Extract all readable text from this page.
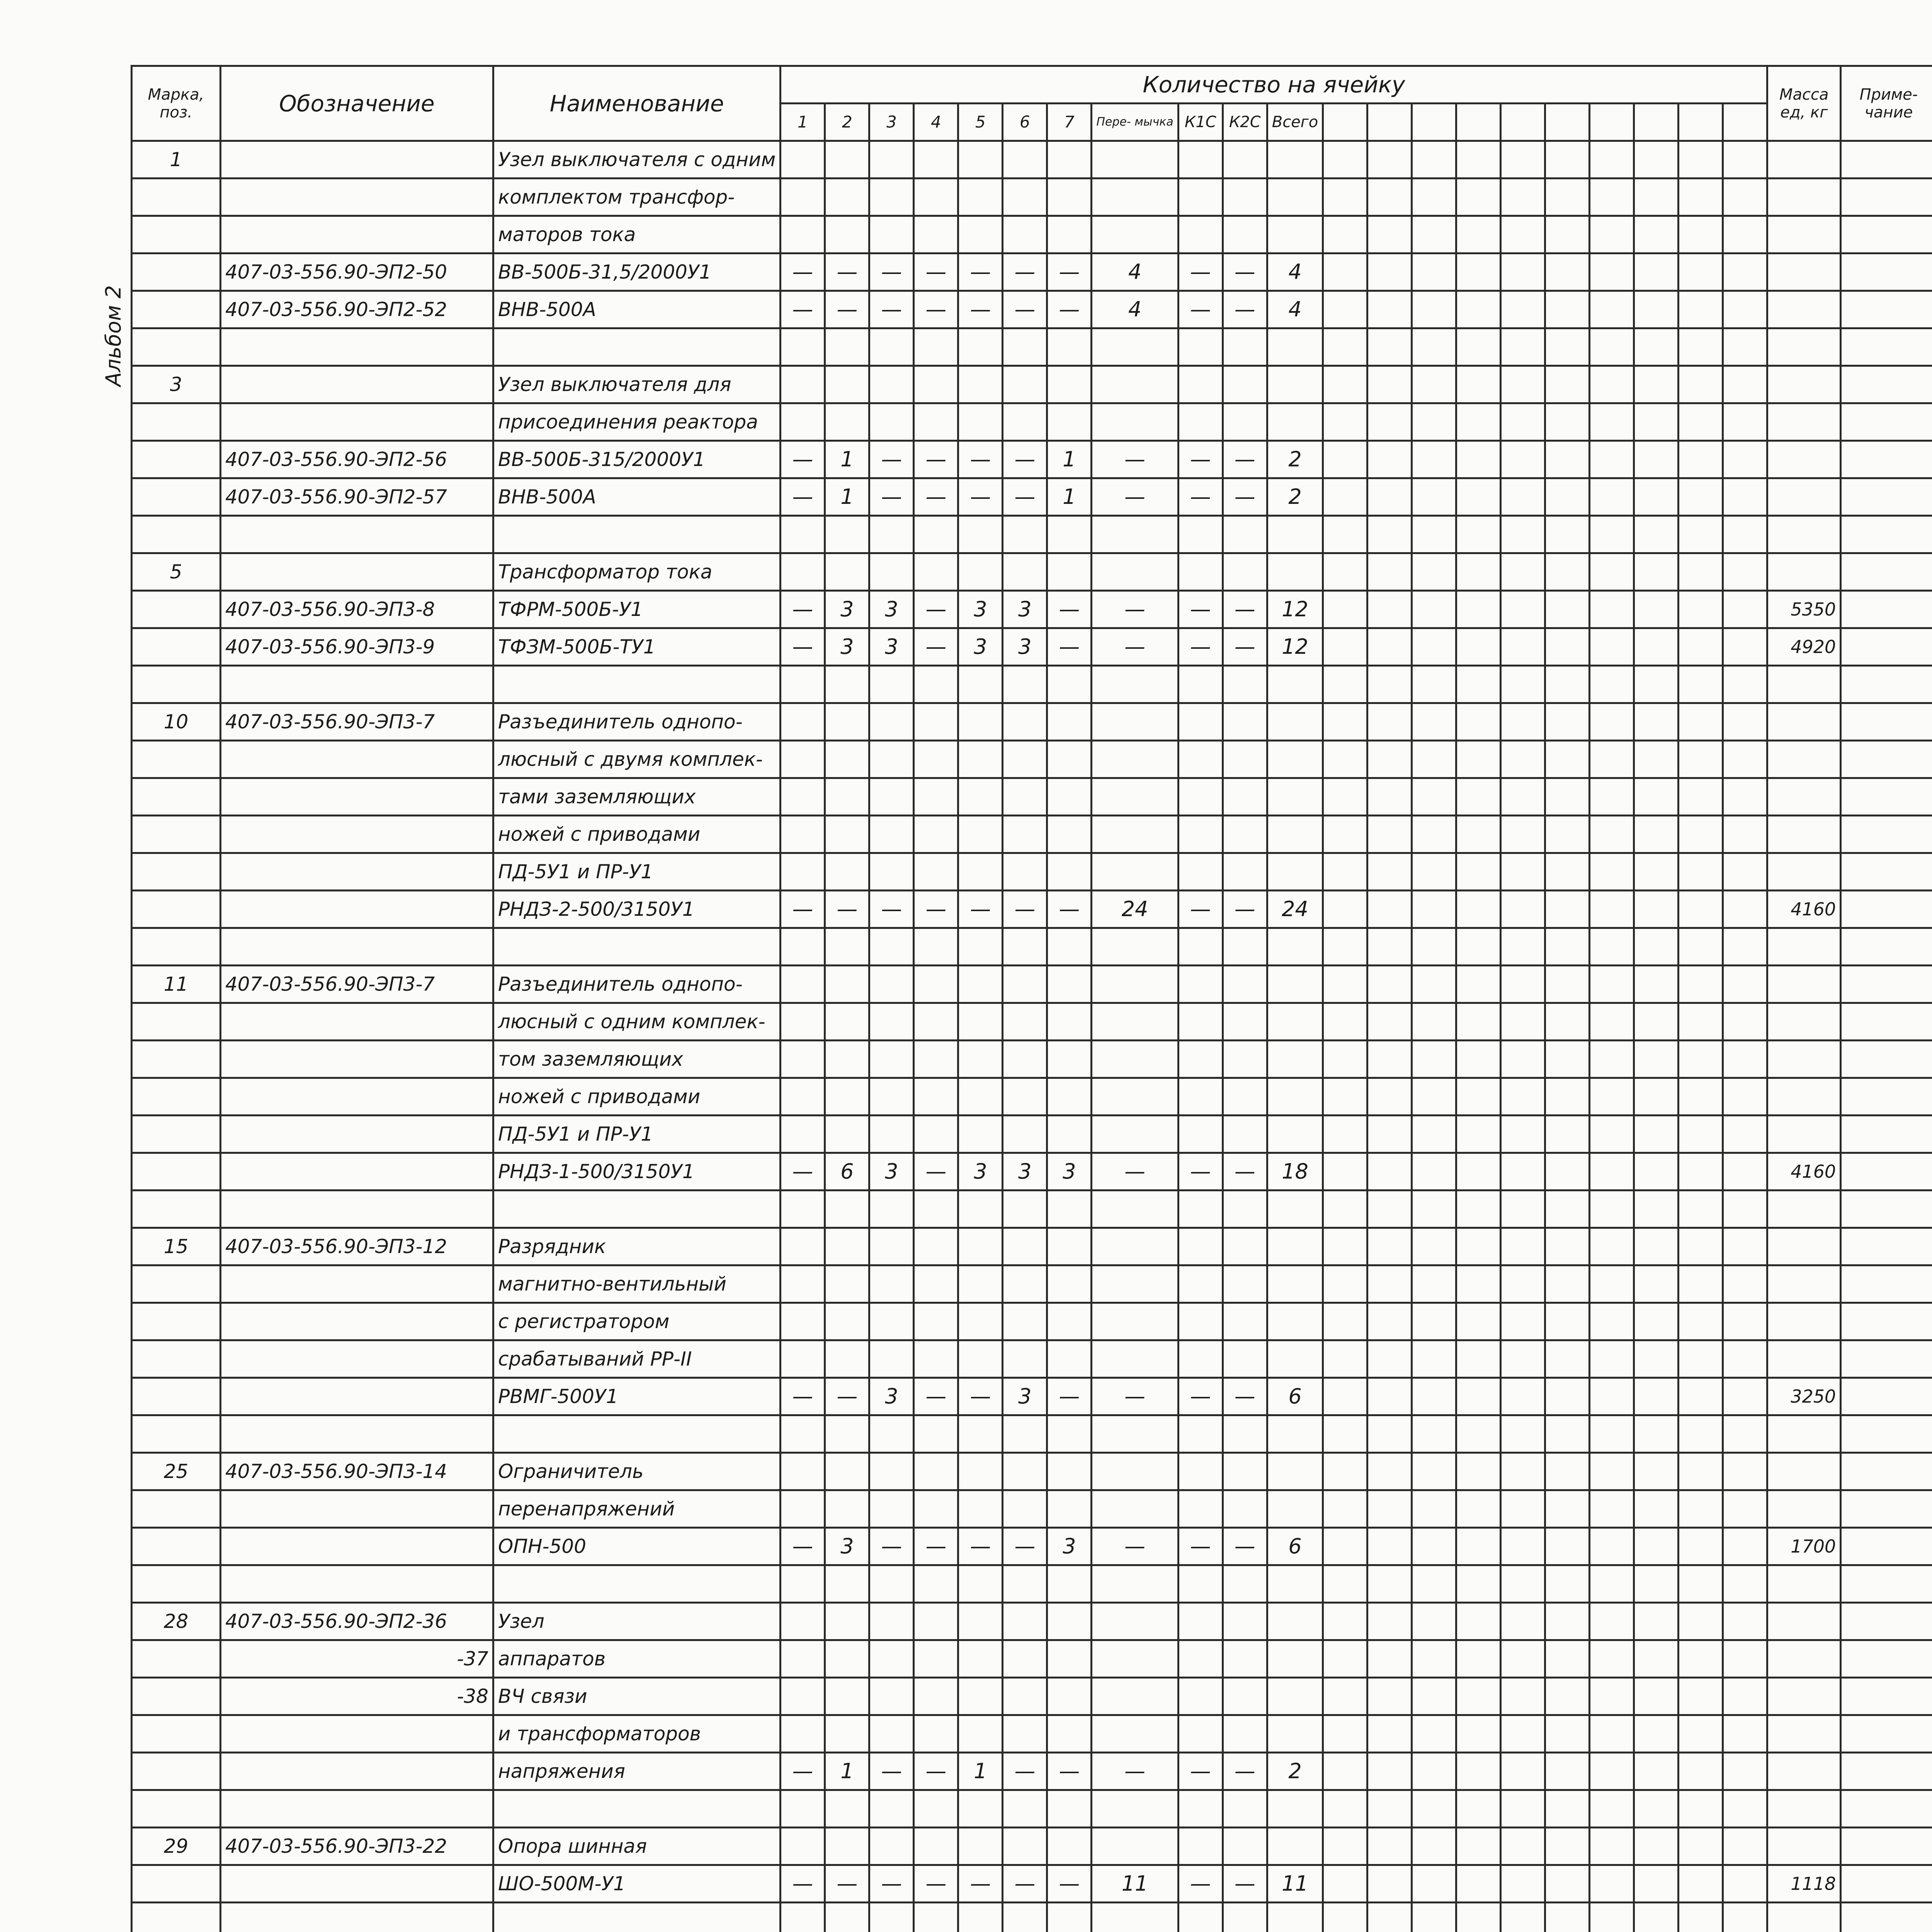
Альбом 2
Марка, поз.	Обозначение	Наименование	Количество на ячейку																					Масса ед, кг	Приме- чание
			1	2	3	4	5	6	7	Пере- мычка	К1С	К2С	Всего												
1		Узел выключателя с одним																							
		комплектом трансфор-																							
		маторов тока																							
	407-03-556.90-ЭП2-50	ВВ-500Б-31,5/2000У1	—	—	—	—	—	—	—	4	—	—	4												
	407-03-556.90-ЭП2-52	ВНВ-500А	—	—	—	—	—	—	—	4	—	—	4												

3		Узел выключателя для																							
		присоединения реактора																							
	407-03-556.90-ЭП2-56	ВВ-500Б-315/2000У1	—	1	—	—	—	—	1	—	—	—	2												
	407-03-556.90-ЭП2-57	ВНВ-500А	—	1	—	—	—	—	1	—	—	—	2												

5		Трансформатор тока																							
	407-03-556.90-ЭП3-8	ТФРМ-500Б-У1	—	3	3	—	3	3	—	—	—	—	12											5350	
	407-03-556.90-ЭП3-9	ТФЗМ-500Б-ТУ1	—	3	3	—	3	3	—	—	—	—	12											4920	

10	407-03-556.90-ЭП3-7	Разъединитель однопо-																							
		люсный с двумя комплек-																							
		тами заземляющих																							
		ножей с приводами																							
		ПД-5У1 и ПР-У1																							
		РНДЗ-2-500/3150У1	—	—	—	—	—	—	—	24	—	—	24											4160	

11	407-03-556.90-ЭП3-7	Разъединитель однопо-																							
		люсный с одним комплек-																							
		том заземляющих																							
		ножей с приводами																							
		ПД-5У1 и ПР-У1																							
		РНДЗ-1-500/3150У1	—	6	3	—	3	3	3	—	—	—	18											4160	

15	407-03-556.90-ЭП3-12	Разрядник																							
		магнитно-вентильный																							
		с регистратором																							
		срабатываний РР-II																							
		РВМГ-500У1	—	—	3	—	—	3	—	—	—	—	6											3250	

25	407-03-556.90-ЭП3-14	Ограничитель																							
		перенапряжений																							
		ОПН-500	—	3	—	—	—	—	3	—	—	—	6											1700	

28	407-03-556.90-ЭП2-36	Узел																							
	-37	аппаратов																							
	-38	ВЧ связи																							
		и трансформаторов																							
		напряжения	—	1	—	—	1	—	—	—	—	—	2												

29	407-03-556.90-ЭП3-22	Опора шинная																							
		ШО-500М-У1	—	—	—	—	—	—	—	11	—	—	11											1118	
